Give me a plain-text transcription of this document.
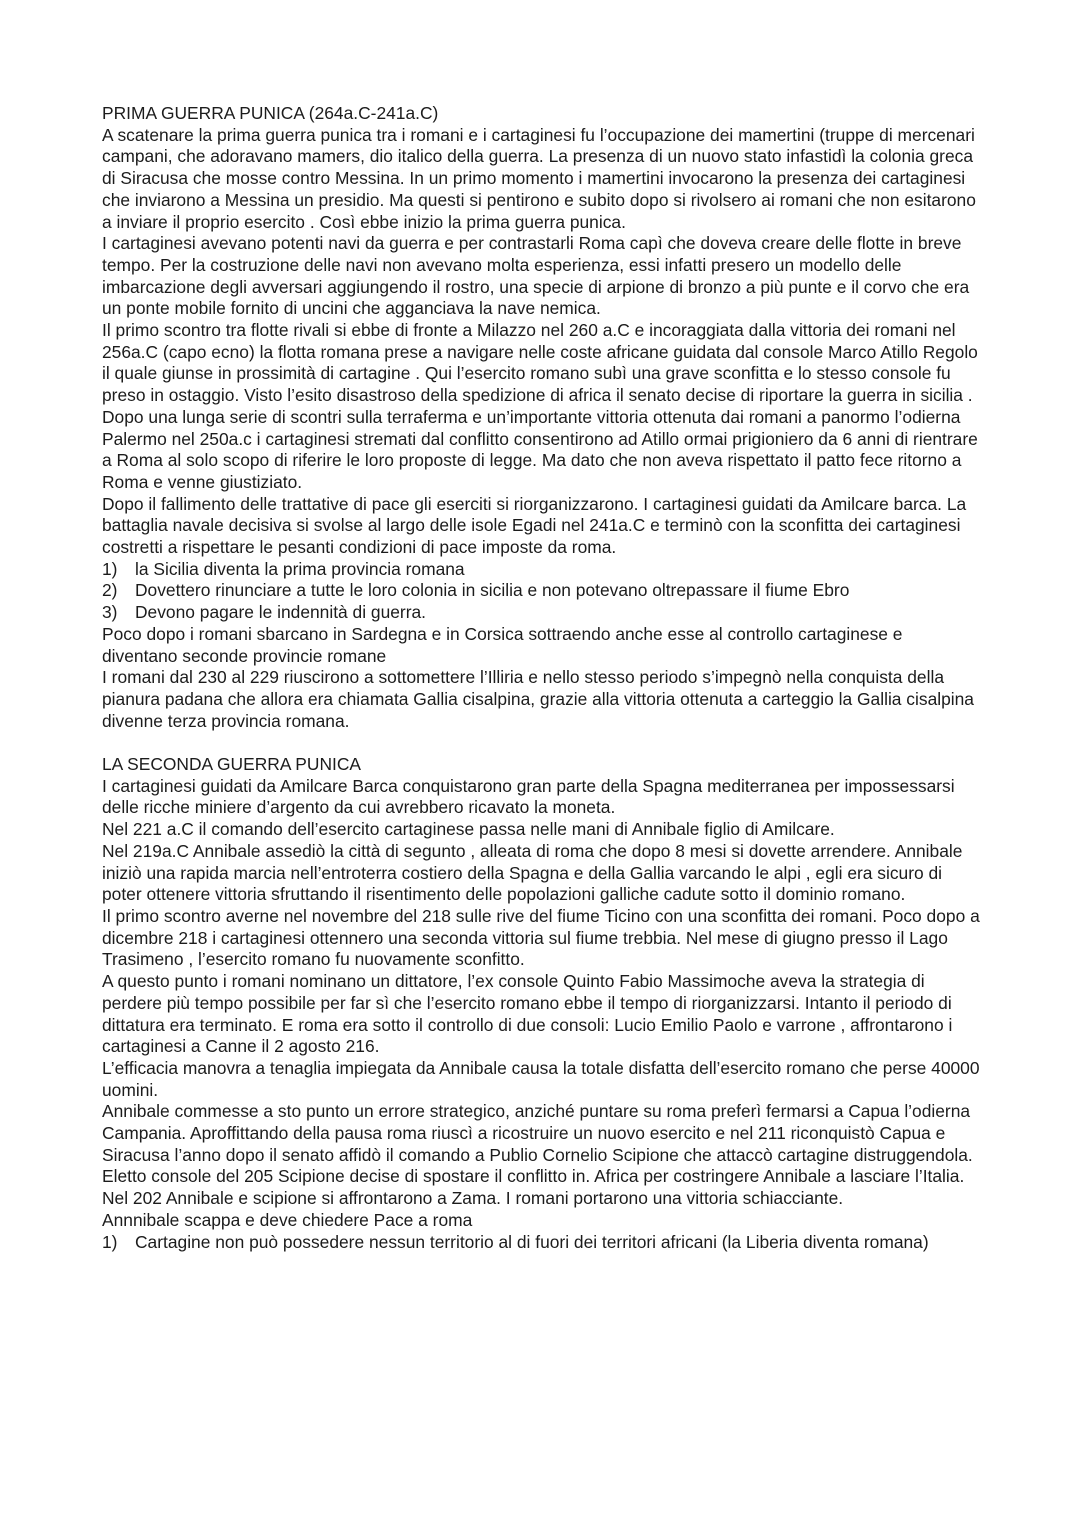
PRIMA GUERRA PUNICA (264a.C-241a.C)

A scatenare la prima guerra punica tra i romani e i cartaginesi fu l’occupazione dei mamertini (truppe di mercenari campani, che adoravano mamers, dio italico della guerra. La presenza di un nuovo stato infastidì la colonia greca di Siracusa che mosse contro Messina. In un primo momento i mamertini invocarono la presenza dei cartaginesi che inviarono a Messina un presidio. Ma questi si pentirono e subito dopo si rivolsero ai romani che non esitarono a inviare il proprio esercito . Così ebbe inizio la prima guerra punica.

I cartaginesi avevano potenti navi da guerra e per contrastarli Roma capì che doveva creare delle flotte in breve tempo. Per la costruzione delle navi non avevano molta esperienza, essi infatti presero un modello delle imbarcazione degli avversari aggiungendo il rostro, una specie di arpione di bronzo a più punte e il corvo che era un ponte mobile fornito di uncini che agganciava la nave nemica.

Il primo scontro tra flotte rivali si ebbe di fronte a Milazzo nel 260 a.C e incoraggiata dalla vittoria dei romani nel 256a.C (capo ecno) la flotta romana prese a navigare nelle coste africane guidata dal console Marco Atillo Regolo il quale giunse in prossimità di cartagine . Qui l’esercito romano subì una grave sconfitta e lo stesso console fu preso in ostaggio. Visto l’esito disastroso della spedizione di africa il senato decise di riportare la guerra in sicilia .

Dopo una lunga serie di scontri sulla terraferma e un’importante vittoria ottenuta dai romani a panormo l’odierna Palermo nel 250a.c i cartaginesi stremati dal conflitto consentirono ad Atillo ormai prigioniero da 6 anni di rientrare a Roma al solo scopo di riferire le loro proposte di legge. Ma dato che non aveva rispettato il patto fece ritorno a Roma e venne giustiziato.

Dopo il fallimento delle trattative di pace gli eserciti si riorganizzarono. I cartaginesi guidati da Amilcare barca. La battaglia navale decisiva si svolse al largo delle isole Egadi nel 241a.C e terminò con la sconfitta dei cartaginesi costretti a rispettare le pesanti condizioni di pace imposte da roma.

1) la Sicilia diventa la prima provincia romana
2) Dovettero rinunciare a tutte le loro colonia in sicilia e non potevano oltrepassare il fiume Ebro
3) Devono pagare le indennità di guerra.

Poco dopo i romani sbarcano in Sardegna e in Corsica sottraendo anche esse al controllo cartaginese e diventano seconde provincie romane

I romani dal 230 al 229 riuscirono a sottomettere l’Illiria e nello stesso periodo s’impegnò nella conquista della pianura padana che allora era chiamata Gallia cisalpina, grazie alla vittoria ottenuta a carteggio la Gallia cisalpina divenne terza provincia romana.

LA SECONDA GUERRA PUNICA

I cartaginesi guidati da Amilcare Barca conquistarono gran parte della Spagna mediterranea per impossessarsi delle ricche miniere d’argento da cui avrebbero ricavato la moneta.

Nel 221 a.C il comando dell’esercito cartaginese passa nelle mani di Annibale figlio di Amilcare.

Nel 219a.C Annibale assediò la città di segunto , alleata di roma che dopo 8 mesi si dovette arrendere. Annibale iniziò una rapida marcia nell’entroterra costiero della Spagna e della Gallia varcando le alpi , egli era sicuro di poter ottenere vittoria sfruttando il risentimento delle popolazioni galliche cadute sotto il dominio romano.

Il primo scontro averne nel novembre del 218 sulle rive del fiume Ticino con una sconfitta dei romani. Poco dopo a dicembre 218 i cartaginesi ottennero una seconda vittoria sul fiume trebbia. Nel mese di giugno presso il Lago Trasimeno , l’esercito romano fu nuovamente sconfitto.

A questo punto i romani nominano un dittatore, l’ex console Quinto Fabio Massimoche aveva la strategia di perdere più tempo possibile per far sì che l’esercito romano ebbe il tempo di riorganizzarsi. Intanto il periodo di dittatura era terminato. E roma era sotto il controllo di due consoli: Lucio Emilio Paolo e varrone , affrontarono i cartaginesi a Canne il 2 agosto 216.

L’efficacia manovra a tenaglia impiegata da Annibale causa la totale disfatta dell’esercito romano che perse 40000 uomini.

Annibale commesse a sto punto un errore strategico, anziché puntare su roma preferì fermarsi a Capua l’odierna Campania. Aproffittando della pausa roma riuscì a ricostruire un nuovo esercito e nel 211 riconquistò Capua e Siracusa l’anno dopo il senato affidò il comando a Publio Cornelio Scipione che attaccò cartagine distruggendola. Eletto console del 205 Scipione decise di spostare il conflitto in. Africa per costringere Annibale a lasciare l’Italia. Nel 202 Annibale e scipione si affrontarono a Zama. I romani portarono una vittoria schiacciante.

Annnibale scappa e deve chiedere Pace a roma

1) Cartagine non può possedere nessun territorio al di fuori dei territori africani (la Liberia diventa romana)
